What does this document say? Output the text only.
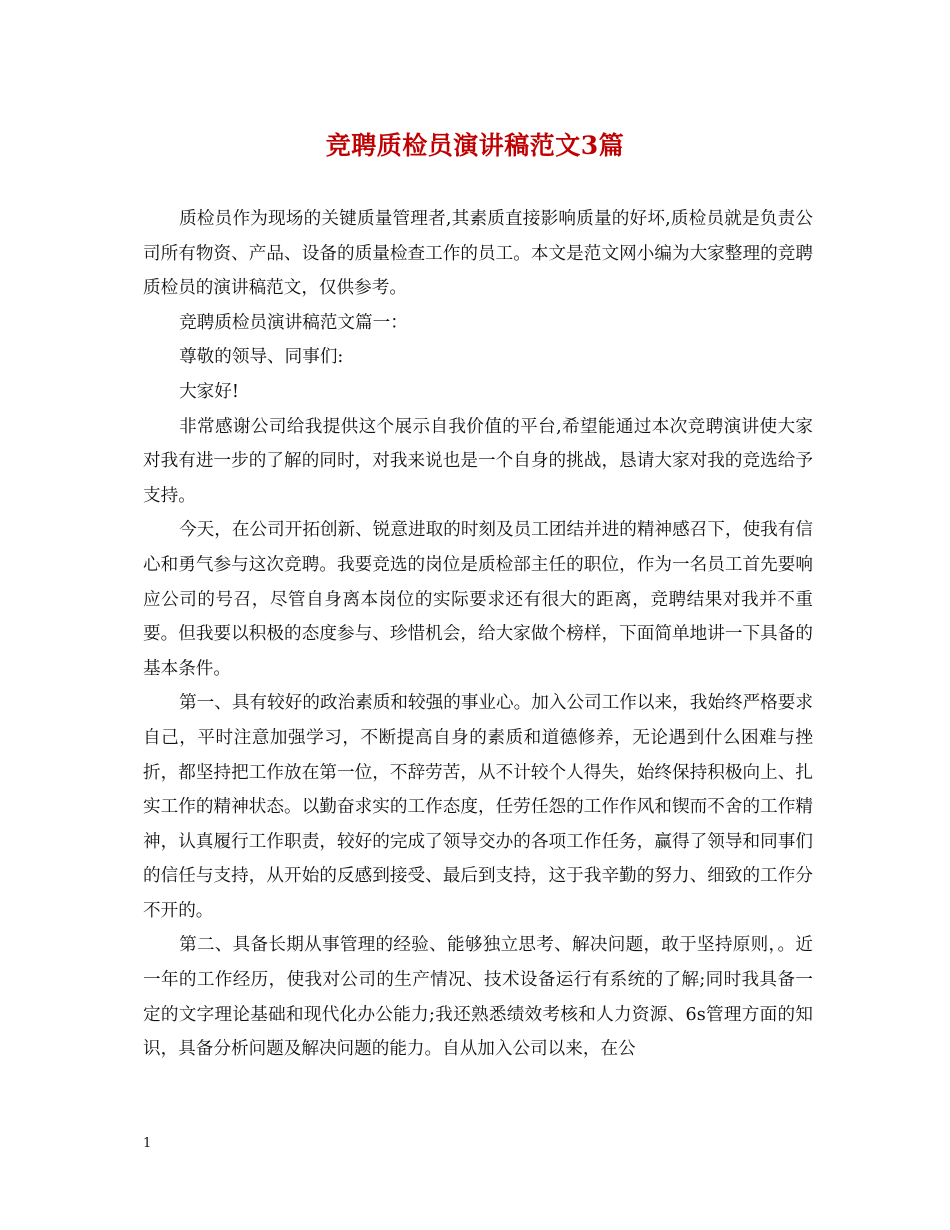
竞聘质检员演讲稿范文3篇

质检员作为现场的关键质量管理者,其素质直接影响质量的好坏,质检员就是负责公司所有物资、产品、设备的质量检查工作的员工。本文是范文网小编为大家整理的竞聘质检员的演讲稿范文，仅供参考。

竞聘质检员演讲稿范文篇一：

尊敬的领导、同事们:

大家好!

非常感谢公司给我提供这个展示自我价值的平台,希望能通过本次竞聘演讲使大家对我有进一步的了解的同时，对我来说也是一个自身的挑战，恳请大家对我的竞选给予支持。

今天，在公司开拓创新、锐意进取的时刻及员工团结并进的精神感召下，使我有信心和勇气参与这次竞聘。我要竞选的岗位是质检部主任的职位，作为一名员工首先要响应公司的号召，尽管自身离本岗位的实际要求还有很大的距离，竞聘结果对我并不重要。但我要以积极的态度参与、珍惜机会，给大家做个榜样，下面简单地讲一下具备的基本条件。

第一、具有较好的政治素质和较强的事业心。加入公司工作以来，我始终严格要求自己，平时注意加强学习，不断提高自身的素质和道德修养，无论遇到什么困难与挫折，都坚持把工作放在第一位，不辞劳苦，从不计较个人得失，始终保持积极向上、扎实工作的精神状态。以勤奋求实的工作态度，任劳任怨的工作作风和锲而不舍的工作精神，认真履行工作职责，较好的完成了领导交办的各项工作任务，赢得了领导和同事们的信任与支持，从开始的反感到接受、最后到支持，这于我辛勤的努力、细致的工作分不开的。

第二、具备长期从事管理的经验、能够独立思考、解决问题，敢于坚持原则，。近一年的工作经历，使我对公司的生产情况、技术设备运行有系统的了解;同时我具备一定的文字理论基础和现代化办公能力;我还熟悉绩效考核和人力资源、6s管理方面的知识，具备分析问题及解决问题的能力。自从加入公司以来，在公

1
